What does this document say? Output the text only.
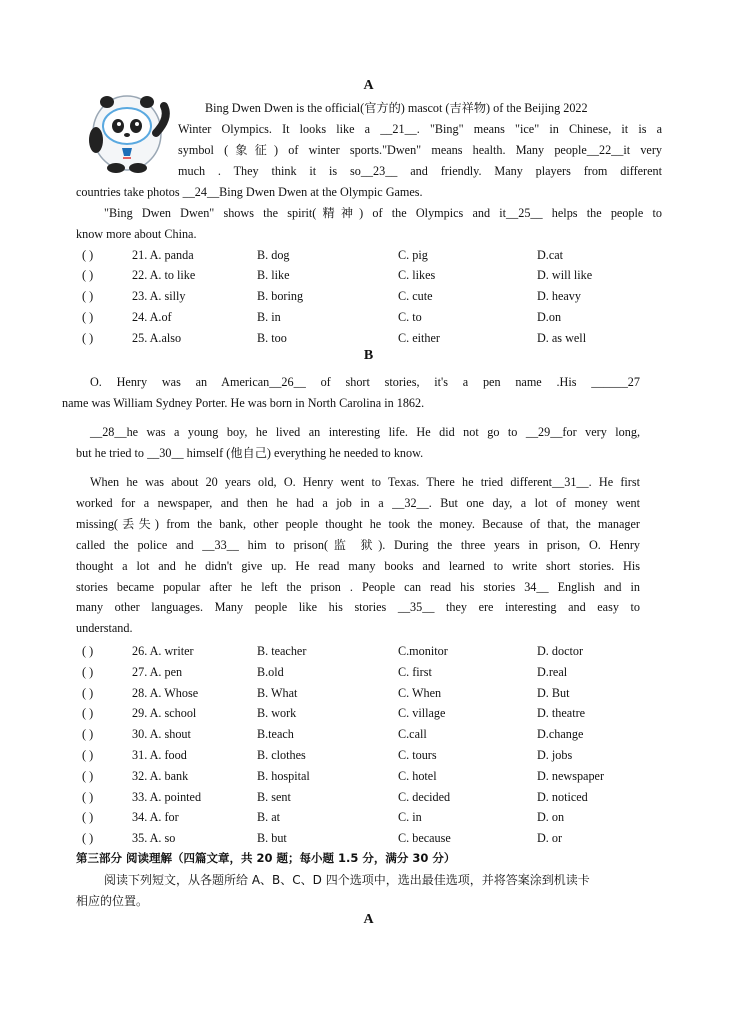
A
Bing Dwen Dwen is the official(官方的) mascot (吉祥物) of the Beijing 2022
Winter Olympics. It looks like a __21__. "Bing" means "ice" in Chinese, it is a
symbol (象征) of winter sports."Dwen" means health. Many people__22__it very
much . They think it is so__23__ and friendly. Many players from different
countries take photos __24__Bing Dwen Dwen at the Olympic Games.
"Bing Dwen Dwen" shows the spirit(精神) of the Olympics and it__25__ helps the people to
know more about China.
( )	21. A. panda	B. dog	C. pig	D.cat
( )	22. A. to like	B. like	C. likes	D. will like
( )	23. A. silly	B. boring	C. cute	D. heavy
( )	24. A.of	B. in	C. to	D.on
( )	25. A.also	B. too	C. either	D. as well
B
O. Henry was an American__26__ of short stories, it's a pen name .His ______27
name was William Sydney Porter. He was born in North Carolina in 1862.
__28__he was a young boy, he lived an interesting life. He did not go to __29__for very long,
but he tried to __30__ himself (他自己) everything he needed to know.
When he was about 20 years old, O. Henry went to Texas. There he tried different__31__. He first
worked for a newspaper, and then he had a job in a __32__. But one day, a lot of money went
missing(丢失) from the bank, other people thought he took the money. Because of that, the manager
called the police and __33__ him to prison(监 狱). During the three years in prison, O. Henry
thought a lot and he didn't give up. He read many books and learned to write short stories. His
stories became popular after he left the prison . People can read his stories 34__ English and in
many other languages. Many people like his stories __35__ they ere interesting and easy to
understand.
( )	26. A. writer	B. teacher	C.monitor	D. doctor
( )	27. A. pen	B.old	C. first	D.real
( )	28. A. Whose	B. What	C. When	D. But
( )	29. A. school	B. work	C. village	D. theatre
( )	30. A. shout	B.teach	C.call	D.change
( )	31. A. food	B. clothes	C. tours	D. jobs
( )	32. A. bank	B. hospital	C. hotel	D. newspaper
( )	33. A. pointed	B. sent	C. decided	D. noticed
( )	34. A. for	B. at	C. in	D. on
( )	35. A. so	B. but	C. because	D. or
第三部分 阅读理解（四篇文章，共 20 题；每小题 1.5 分，满分 30 分）
阅读下列短文，从各题所给 A、B、C、D 四个选项中，选出最佳选项，并将答案涂到机读卡
相应的位置。
A
